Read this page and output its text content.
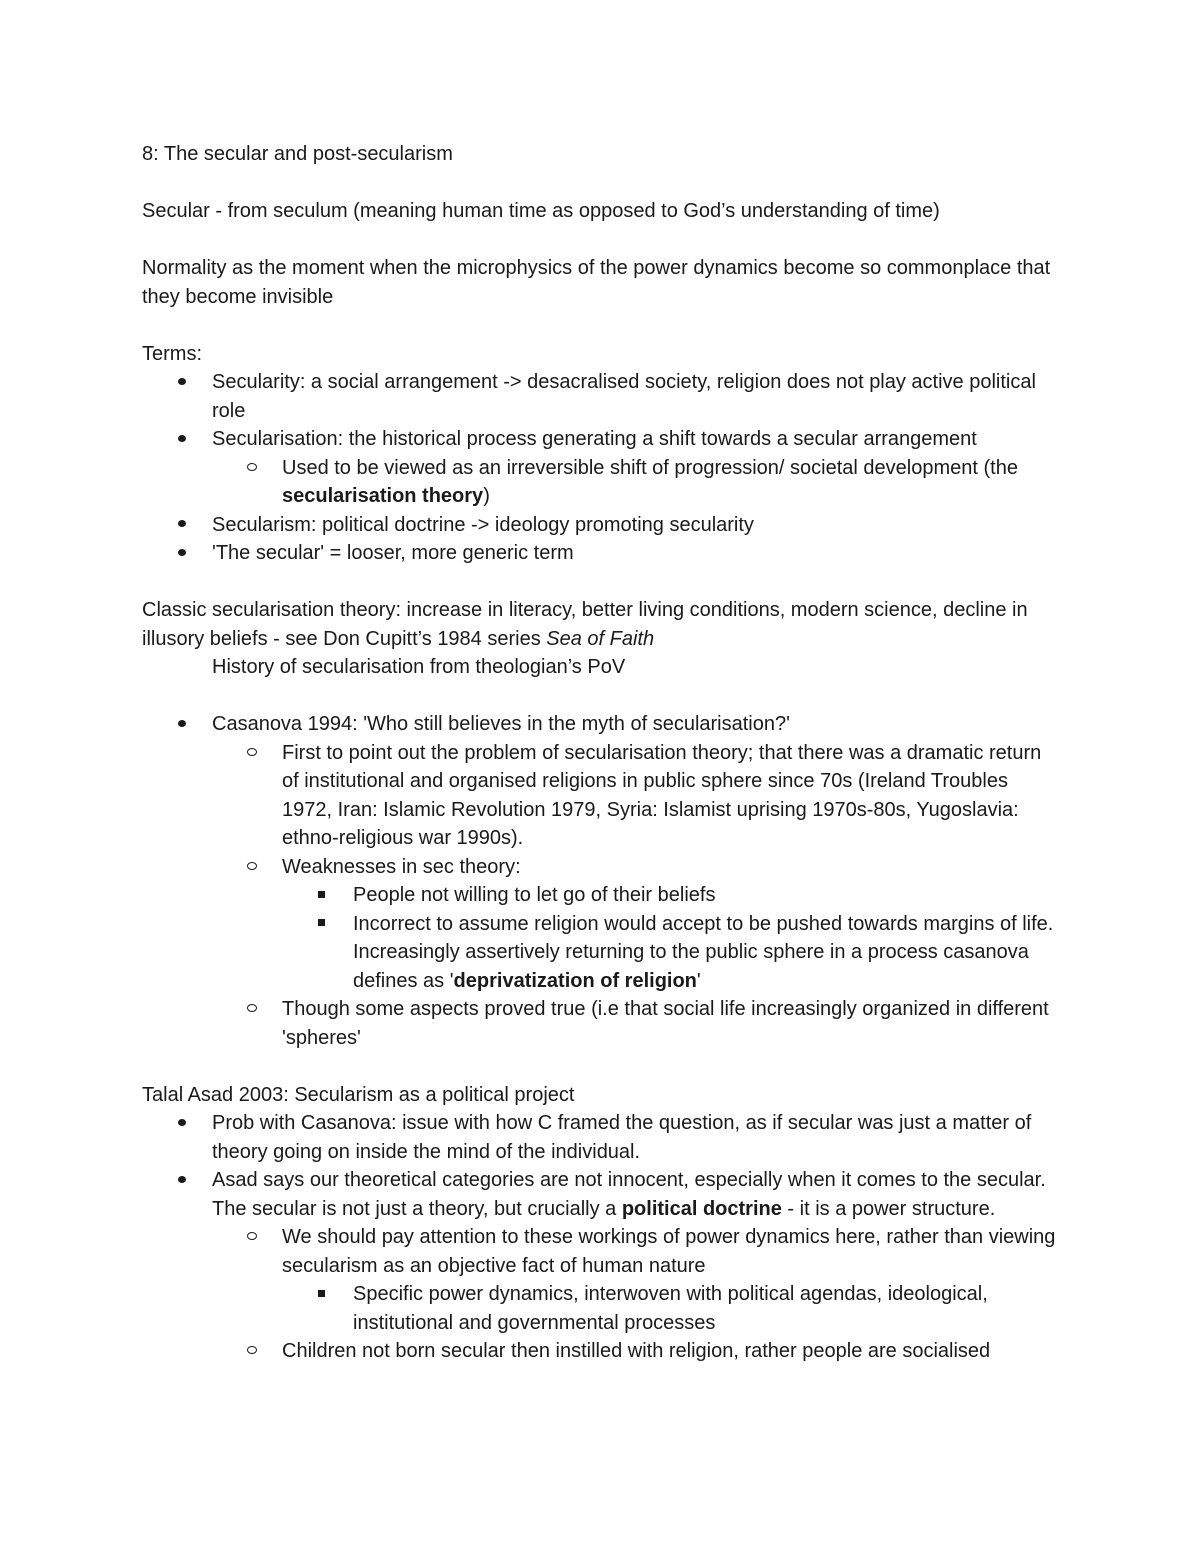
8: The secular and post-secularism

Secular - from seculum (meaning human time as opposed to God’s understanding of time)

Normality as the moment when the microphysics of the power dynamics become so commonplace that they become invisible

Terms:

Secularity: a social arrangement -> desacralised society, religion does not play active political role
Secularisation: the historical process generating a shift towards a secular arrangement
Used to be viewed as an irreversible shift of progression/ societal development (the secularisation theory)
Secularism: political doctrine -> ideology promoting secularity
'The secular' = looser, more generic term

Classic secularisation theory: increase in literacy, better living conditions, modern science, decline in illusory beliefs - see Don Cupitt’s 1984 series Sea of Faith

History of secularisation from theologian’s PoV

Casanova 1994: 'Who still believes in the myth of secularisation?'
First to point out the problem of secularisation theory; that there was a dramatic return of institutional and organised religions in public sphere since 70s (Ireland Troubles 1972, Iran: Islamic Revolution 1979, Syria: Islamist uprising 1970s-80s, Yugoslavia: ethno-religious war 1990s).
Weaknesses in sec theory:
People not willing to let go of their beliefs
Incorrect to assume religion would accept to be pushed towards margins of life. Increasingly assertively returning to the public sphere in a process casanova defines as 'deprivatization of religion'
Though some aspects proved true (i.e that social life increasingly organized in different 'spheres'

Talal Asad 2003: Secularism as a political project

Prob with Casanova: issue with how C framed the question, as if secular was just a matter of theory going on inside the mind of the individual.
Asad says our theoretical categories are not innocent, especially when it comes to the secular. The secular is not just a theory, but crucially a political doctrine - it is a power structure.
We should pay attention to these workings of power dynamics here, rather than viewing secularism as an objective fact of human nature
Specific power dynamics, interwoven with political agendas, ideological, institutional and governmental processes
Children not born secular then instilled with religion, rather people are socialised
